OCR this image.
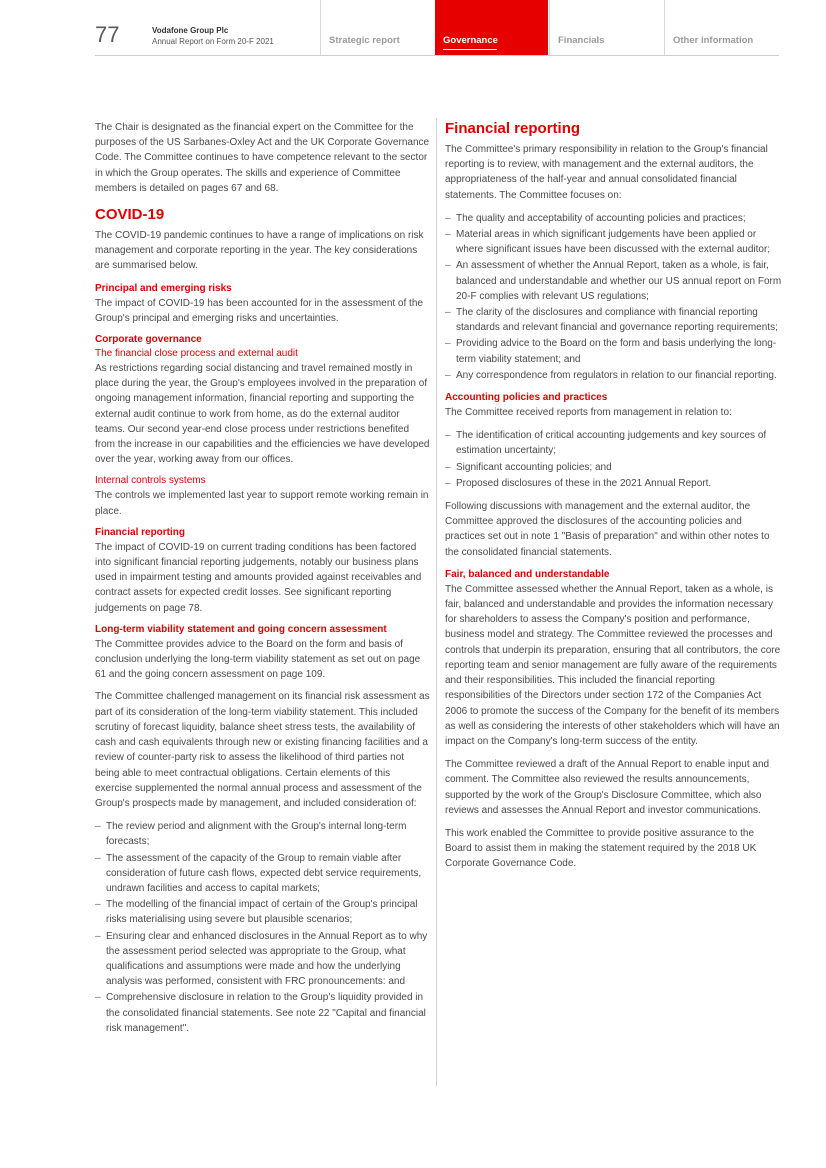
77	Vodafone Group Plc
Annual Report on Form 20-F 2021	Strategic report	Governance	Financials	Other information

The Chair is designated as the financial expert on the Committee for the purposes of the US Sarbanes-Oxley Act and the UK Corporate Governance Code. The Committee continues to have competence relevant to the sector in which the Group operates. The skills and experience of Committee members is detailed on pages 67 and 68.

COVID-19

The COVID-19 pandemic continues to have a range of implications on risk management and corporate reporting in the year. The key considerations are summarised below.

Principal and emerging risks
The impact of COVID-19 has been accounted for in the assessment of the Group's principal and emerging risks and uncertainties.
Corporate governance
The financial close process and external audit
As restrictions regarding social distancing and travel remained mostly in place during the year, the Group's employees involved in the preparation of ongoing management information, financial reporting and supporting the external audit continue to work from home, as do the external auditor teams. Our second year-end close process under restrictions benefited from the increase in our capabilities and the efficiencies we have developed over the year, working away from our offices.
Internal controls systems
The controls we implemented last year to support remote working remain in place.
Financial reporting
The impact of COVID-19 on current trading conditions has been factored into significant financial reporting judgements, notably our business plans used in impairment testing and amounts provided against receivables and contract assets for expected credit losses. See significant reporting judgements on page 78.
Long-term viability statement and going concern assessment
The Committee provides advice to the Board on the form and basis of conclusion underlying the long-term viability statement as set out on page 61 and the going concern assessment on page 109.

The Committee challenged management on its financial risk assessment as part of its consideration of the long-term viability statement. This included scrutiny of forecast liquidity, balance sheet stress tests, the availability of cash and cash equivalents through new or existing financing facilities and a review of counter-party risk to assess the likelihood of third parties not being able to meet contractual obligations. Certain elements of this exercise supplemented the normal annual process and assessment of the Group's prospects made by management, and included consideration of:

– The review period and alignment with the Group's internal long-term forecasts;
– The assessment of the capacity of the Group to remain viable after consideration of future cash flows, expected debt service requirements, undrawn facilities and access to capital markets;
– The modelling of the financial impact of certain of the Group's principal risks materialising using severe but plausible scenarios;
– Ensuring clear and enhanced disclosures in the Annual Report as to why the assessment period selected was appropriate to the Group, what qualifications and assumptions were made and how the underlying analysis was performed, consistent with FRC pronouncements: and
– Comprehensive disclosure in relation to the Group's liquidity provided in the consolidated financial statements. See note 22 "Capital and financial risk management".
Financial reporting

The Committee's primary responsibility in relation to the Group's financial reporting is to review, with management and the external auditors, the appropriateness of the half-year and annual consolidated financial statements. The Committee focuses on:

– The quality and acceptability of accounting policies and practices;
– Material areas in which significant judgements have been applied or where significant issues have been discussed with the external auditor;
– An assessment of whether the Annual Report, taken as a whole, is fair, balanced and understandable and whether our US annual report on Form 20-F complies with relevant US regulations;
– The clarity of the disclosures and compliance with financial reporting standards and relevant financial and governance reporting requirements;
– Providing advice to the Board on the form and basis underlying the long-term viability statement; and
– Any correspondence from regulators in relation to our financial reporting.
Accounting policies and practices

The Committee received reports from management in relation to:

– The identification of critical accounting judgements and key sources of estimation uncertainty;
– Significant accounting policies; and
– Proposed disclosures of these in the 2021 Annual Report.

Following discussions with management and the external auditor, the Committee approved the disclosures of the accounting policies and practices set out in note 1 "Basis of preparation" and within other notes to the consolidated financial statements.

Fair, balanced and understandable

The Committee assessed whether the Annual Report, taken as a whole, is fair, balanced and understandable and provides the information necessary for shareholders to assess the Company's position and performance, business model and strategy. The Committee reviewed the processes and controls that underpin its preparation, ensuring that all contributors, the core reporting team and senior management are fully aware of the requirements and their responsibilities. This included the financial reporting responsibilities of the Directors under section 172 of the Companies Act 2006 to promote the success of the Company for the benefit of its members as well as considering the interests of other stakeholders which will have an impact on the Company's long-term success of the entity.

The Committee reviewed a draft of the Annual Report to enable input and comment. The Committee also reviewed the results announcements, supported by the work of the Group's Disclosure Committee, which also reviews and assesses the Annual Report and investor communications.

This work enabled the Committee to provide positive assurance to the Board to assist them in making the statement required by the 2018 UK Corporate Governance Code.
